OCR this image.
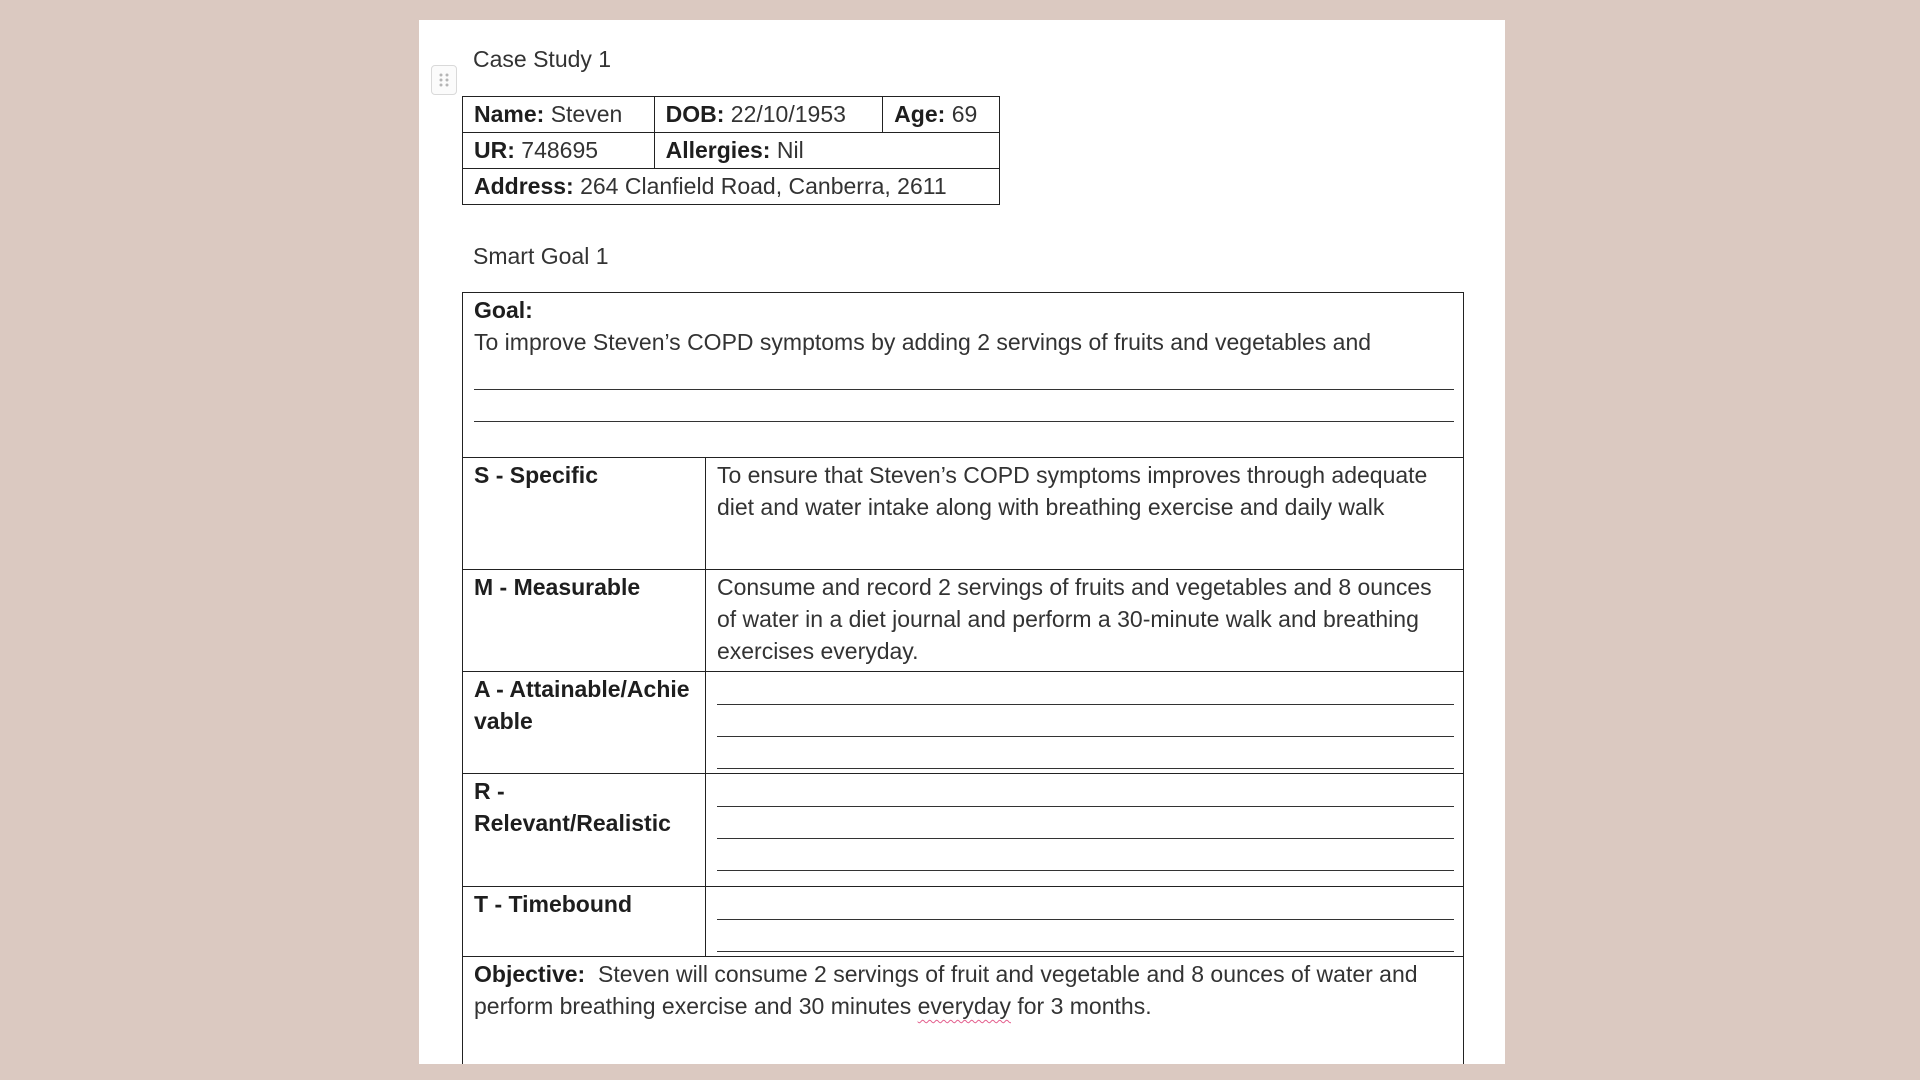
Case Study 1
Name: Steven	DOB: 22/10/1953	Age: 69
UR: 748695	Allergies: Nil	
Address: 264 Clanfield Road, Canberra, 2611		
Smart Goal 1
Goal:
To improve Steven’s COPD symptoms by adding 2 servings of fruits and vegetables and	

S - Specific	To ensure that Steven’s COPD symptoms improves through adequate diet and water intake along with breathing exercise and daily walk
M - Measurable	Consume and record 2 servings of fruits and vegetables and 8 ounces of water in a diet journal and perform a 30-minute walk and breathing exercises everyday.
A - Attainable/Achievable	

R - Relevant/Realistic	

T - Timebound	

Objective: Steven will consume 2 servings of fruit and vegetable and 8 ounces of water and perform breathing exercise and 30 minutes everyday for 3 months.	
